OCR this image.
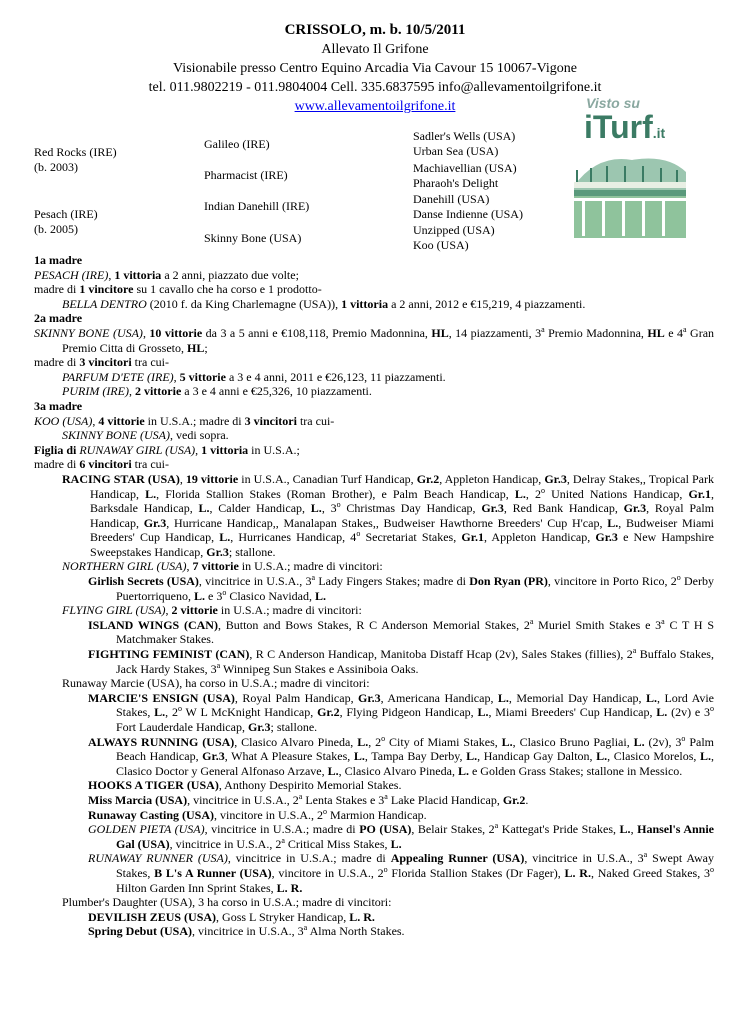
CRISSOLO, m. b. 10/5/2011
Allevato Il Grifone
Visionabile presso Centro Equino Arcadia Via Cavour 15 10067-Vigone
tel. 011.9802219 - 011.9804004 Cell. 335.6837595 info@allevamentoilgrifone.it
www.allevamentoilgrifone.it
Red Rocks (IRE)
(b. 2003)
Pesach (IRE)
(b. 2005)
Galileo (IRE)
Pharmacist (IRE)
Indian Danehill (IRE)
Skinny Bone (USA)
Sadler's Wells (USA)
Urban Sea (USA)
Machiavellian (USA)
Pharaoh's Delight
Danehill (USA)
Danse Indienne (USA)
Unzipped (USA)
Koo (USA)
Visto su
iTurf.it

1a madre

PESACH (IRE), 1 vittoria a 2 anni, piazzato due volte;

madre di 1 vincitore su 1 cavallo che ha corso e 1 prodotto-

BELLA DENTRO (2010 f. da King Charlemagne (USA)), 1 vittoria a 2 anni, 2012 e €15,219, 4 piazzamenti.

2a madre

SKINNY BONE (USA), 10 vittorie da 3 a 5 anni e €108,118, Premio Madonnina, HL, 14 piazzamenti, 3$^a$ Premio Madonnina, HL e 4$^a$ Gran Premio Citta di Grosseto, HL;

madre di 3 vincitori tra cui-

PARFUM D'ETE (IRE), 5 vittorie a 3 e 4 anni, 2011 e €26,123, 11 piazzamenti.

PURIM (IRE), 2 vittorie a 3 e 4 anni e €25,326, 10 piazzamenti.

3a madre

KOO (USA), 4 vittorie in U.S.A.; madre di 3 vincitori tra cui-

SKINNY BONE (USA), vedi sopra.

Figlia di RUNAWAY GIRL (USA), 1 vittoria in U.S.A.;

madre di 6 vincitori tra cui-

RACING STAR (USA), 19 vittorie in U.S.A., Canadian Turf Handicap, Gr.2, Appleton Handicap, Gr.3, Delray Stakes,, Tropical Park Handicap, L., Florida Stallion Stakes (Roman Brother), e Palm Beach Handicap, L., 2$^o$ United Nations Handicap, Gr.1, Barksdale Handicap, L., Calder Handicap, L., 3$^o$ Christmas Day Handicap, Gr.3, Red Bank Handicap, Gr.3, Royal Palm Handicap, Gr.3, Hurricane Handicap,, Manalapan Stakes,, Budweiser Hawthorne Breeders' Cup H'cap, L., Budweiser Miami Breeders' Cup Handicap, L., Hurricanes Handicap, 4$^o$ Secretariat Stakes, Gr.1, Appleton Handicap, Gr.3 e New Hampshire Sweepstakes Handicap, Gr.3; stallone.

NORTHERN GIRL (USA), 7 vittorie in U.S.A.; madre di vincitori:

Girlish Secrets (USA), vincitrice in U.S.A., 3$^a$ Lady Fingers Stakes; madre di Don Ryan (PR), vincitore in Porto Rico, 2$^o$ Derby Puertorriqueno, L. e 3$^o$ Clasico Navidad, L.

FLYING GIRL (USA), 2 vittorie in U.S.A.; madre di vincitori:

ISLAND WINGS (CAN), Button and Bows Stakes, R C Anderson Memorial Stakes, 2$^a$ Muriel Smith Stakes e 3$^a$ C T H S Matchmaker Stakes.

FIGHTING FEMINIST (CAN), R C Anderson Handicap, Manitoba Distaff Hcap (2v), Sales Stakes (fillies), 2$^a$ Buffalo Stakes, Jack Hardy Stakes, 3$^a$ Winnipeg Sun Stakes e Assiniboia Oaks.

Runaway Marcie (USA), ha corso in U.S.A.; madre di vincitori:

MARCIE'S ENSIGN (USA), Royal Palm Handicap, Gr.3, Americana Handicap, L., Memorial Day Handicap, L., Lord Avie Stakes, L., 2$^o$ W L McKnight Handicap, Gr.2, Flying Pidgeon Handicap, L., Miami Breeders' Cup Handicap, L. (2v) e 3$^o$ Fort Lauderdale Handicap, Gr.3; stallone.

ALWAYS RUNNING (USA), Clasico Alvaro Pineda, L., 2$^o$ City of Miami Stakes, L., Clasico Bruno Pagliai, L. (2v), 3$^o$ Palm Beach Handicap, Gr.3, What A Pleasure Stakes, L., Tampa Bay Derby, L., Handicap Gay Dalton, L., Clasico Morelos, L., Clasico Doctor y General Alfonaso Arzave, L., Clasico Alvaro Pineda, L. e Golden Grass Stakes; stallone in Messico.

HOOKS A TIGER (USA), Anthony Despirito Memorial Stakes.

Miss Marcia (USA), vincitrice in U.S.A., 2$^a$ Lenta Stakes e 3$^a$ Lake Placid Handicap, Gr.2.

Runaway Casting (USA), vincitore in U.S.A., 2$^o$ Marmion Handicap.

GOLDEN PIETA (USA), vincitrice in U.S.A.; madre di PO (USA), Belair Stakes, 2$^a$ Kattegat's Pride Stakes, L., Hansel's Annie Gal (USA), vincitrice in U.S.A., 2$^a$ Critical Miss Stakes, L.

RUNAWAY RUNNER (USA), vincitrice in U.S.A.; madre di Appealing Runner (USA), vincitrice in U.S.A., 3$^a$ Swept Away Stakes, B L's A Runner (USA), vincitore in U.S.A., 2$^o$ Florida Stallion Stakes (Dr Fager), L. R., Naked Greed Stakes, 3$^o$ Hilton Garden Inn Sprint Stakes, L. R.

Plumber's Daughter (USA), 3 ha corso in U.S.A.; madre di vincitori:

DEVILISH ZEUS (USA), Goss L Stryker Handicap, L. R.

Spring Debut (USA), vincitrice in U.S.A., 3$^a$ Alma North Stakes.
